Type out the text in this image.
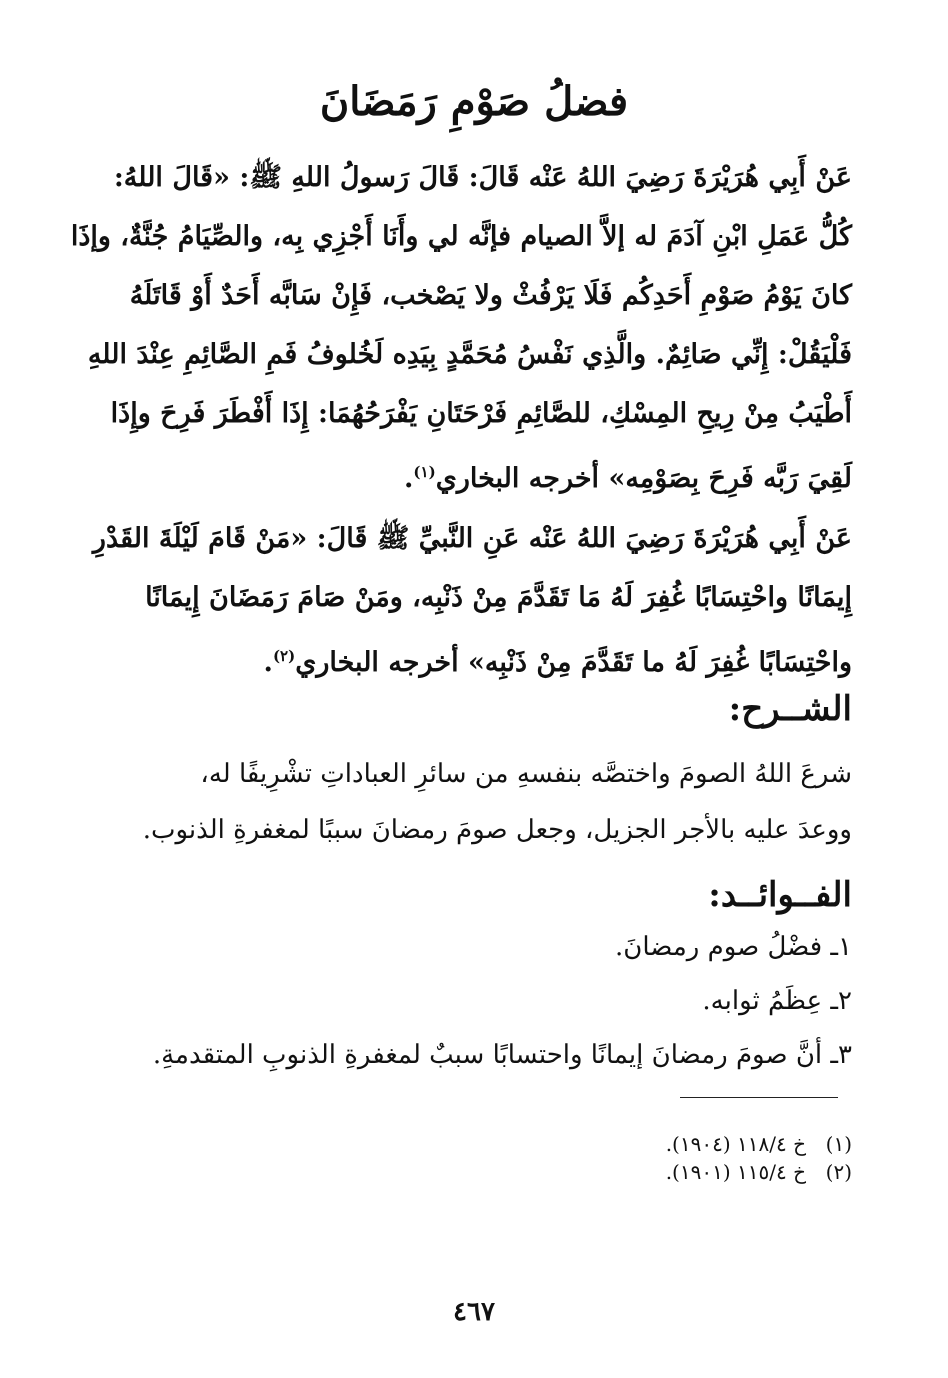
فضلُ صَوْمِ رَمَضَانَ
عَنْ أَبِي هُرَيْرَةَ رَضِيَ اللهُ عَنْه قَالَ: قَالَ رَسولُ اللهِ ﷺ: «قَالَ اللهُ:
كُلُّ عَمَلِ ابْنِ آدَمَ له إلاَّ الصيام فإنَّه لي وأَنَا أَجْزِي بِه، والصِّيَامُ جُنَّةٌ، وإذَا
كانَ يَوْمُ صَوْمِ أَحَدِكُم فَلَا يَرْفُثْ ولا يَصْخب، فَإِنْ سَابَّه أَحَدٌ أَوْ قَاتَلَهُ
فَلْيَقُلْ: إِنِّي صَائِمٌ. والَّذِي نَفْسُ مُحَمَّدٍ بِيَدِه لَخُلوفُ فَمِ الصَّائِمِ عِنْدَ اللهِ
أَطْيَبُ مِنْ رِيحِ المِسْكِ، للصَّائِمِ فَرْحَتَانِ يَفْرَحُهُمَا: إِذَا أَفْطَرَ فَرِحَ وإِذَا
لَقِيَ رَبَّه فَرِحَ بِصَوْمِه» أخرجه البخاري$^{(١)}$.
عَنْ أَبِي هُرَيْرَةَ رَضِيَ اللهُ عَنْه عَنِ النَّبيِّ ﷺ قَالَ: «مَنْ قَامَ لَيْلَةَ القَدْرِ
إِيمَانًا واحْتِسَابًا غُفِرَ لَهُ مَا تَقَدَّمَ مِنْ ذَنْبِه، ومَنْ صَامَ رَمَضَانَ إِيمَانًا
واحْتِسَابًا غُفِرَ لَهُ ما تَقَدَّمَ مِنْ ذَنْبِه» أخرجه البخاري$^{(٢)}$.
الشــرح:
شرعَ اللهُ الصومَ واختصَّه بنفسهِ من سائرِ العباداتِ تشْرِيفًا له،
ووعدَ عليه بالأجر الجزيل، وجعل صومَ رمضانَ سببًا لمغفرةِ الذنوب.
الفــوائــد:
١ـ فضْلُ صوم رمضانَ.
٢ـ عِظَمُ ثوابه.
٣ـ أنَّ صومَ رمضانَ إيمانًا واحتسابًا سببٌ لمغفرةِ الذنوبِ المتقدمةِ.
(١)خ ١١٨/٤ (١٩٠٤).
(٢)خ ١١٥/٤ (١٩٠١).
٤٦٧
